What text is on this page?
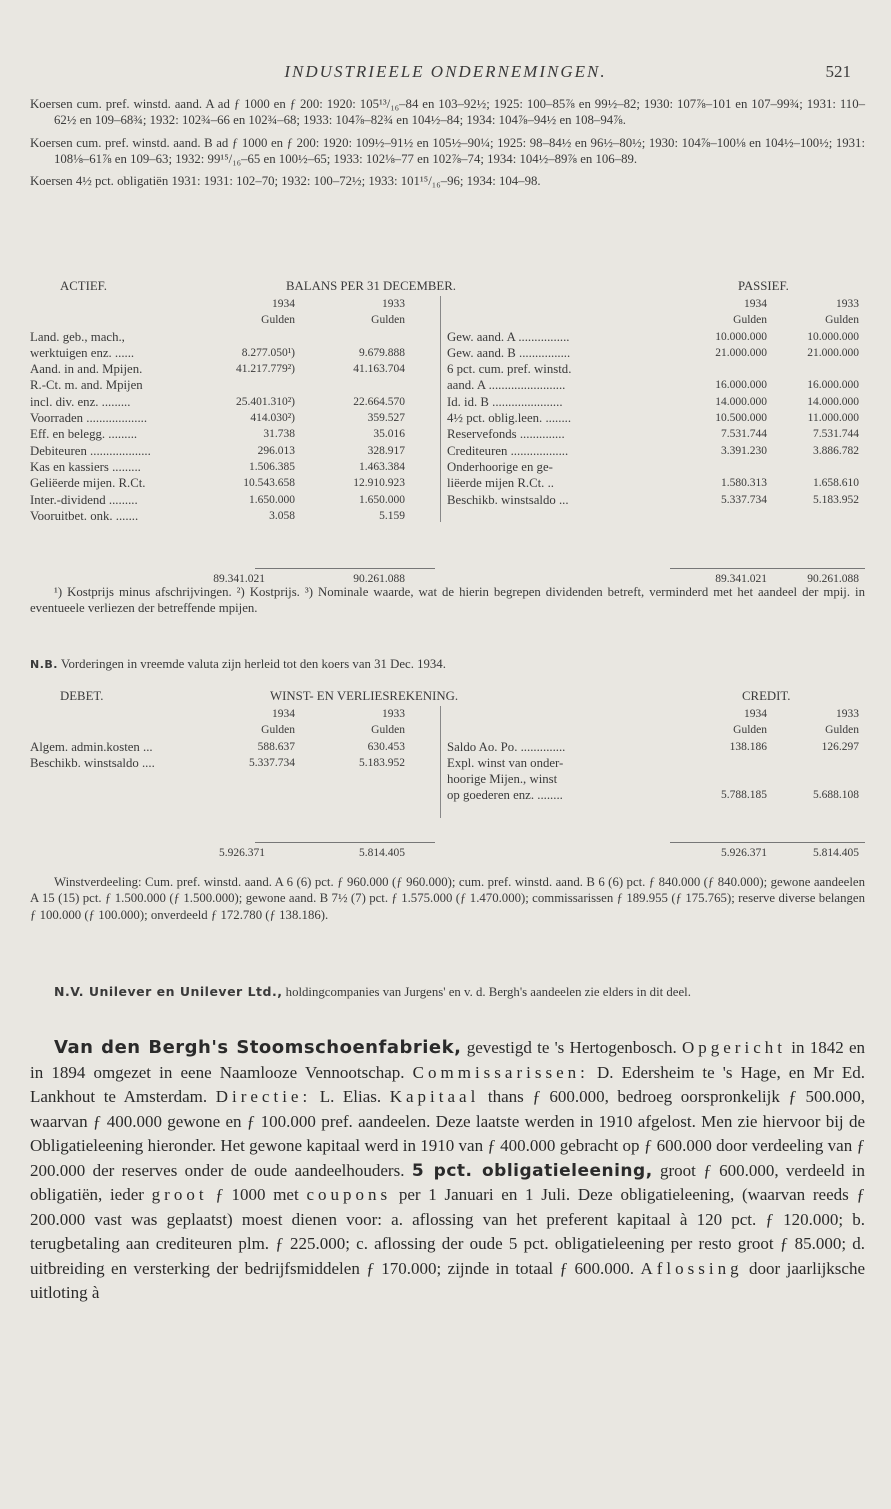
INDUSTRIEELE ONDERNEMINGEN.	521

Koersen cum. pref. winstd. aand. A ad ƒ 1000 en ƒ 200: 1920: 105¹³/₁₆–84 en 103–92½; 1925: 100–85⅞ en 99½–82; 1930: 107⅞–101 en 107–99¾; 1931: 110–62½ en 109–68¾; 1932: 102¾–66 en 102¾–68; 1933: 104⅞–82¾ en 104½–84; 1934: 104⅞–94½ en 108–94⅞.

Koersen cum. pref. winstd. aand. B ad ƒ 1000 en ƒ 200: 1920: 109½–91½ en 105½–90¼; 1925: 98–84½ en 96½–80½; 1930: 104⅞–100⅛ en 104½–100½; 1931: 108⅛–61⅞ en 109–63; 1932: 99¹⁵/₁₆–65 en 100½–65; 1933: 102⅛–77 en 102⅞–74; 1934: 104½–89⅞ en 106–89.

Koersen 4½ pct. obligatiën 1931: 1931: 102–70; 1932: 100–72½; 1933: 101¹⁵/₁₆–96; 1934: 104–98.

ACTIEF.	BALANS PER 31 DECEMBER.	PASSIEF.
1934	1933
Gulden	Gulden
Land. geb., mach.,
werktuigen enz. ......	8.277.050¹)	9.679.888
Aand. in and. Mpijen.	41.217.779²)	41.163.704
R.-Ct. m. and. Mpijen
incl. div. enz. .........	25.401.310²)	22.664.570
Voorraden ...................	414.030²)	359.527
Eff. en belegg. .........	31.738	35.016
Debiteuren ...................	296.013	328.917
Kas en kassiers .........	1.506.385	1.463.384
Geliëerde mijen. R.Ct.	10.543.658	12.910.923
Inter.-dividend .........	1.650.000	1.650.000
Vooruitbet. onk. .......	3.058	5.159
1934	1933
Gulden	Gulden
Gew. aand. A ................	10.000.000	10.000.000
Gew. aand. B ................	21.000.000	21.000.000
6 pct. cum. pref. winstd.
aand. A ........................	16.000.000	16.000.000
Id. id. B ......................	14.000.000	14.000.000
4½ pct. oblig.leen. ........	10.500.000	11.000.000
Reservefonds ..............	7.531.744	7.531.744
Crediteuren ..................	3.391.230	3.886.782
Onderhoorige en ge-
liëerde mijen R.Ct. ..	1.580.313	1.658.610
Beschikb. winstsaldo ...	5.337.734	5.183.952
89.341.021	90.261.088	89.341.021	90.261.088

¹) Kostprijs minus afschrijvingen. ²) Kostprijs. ³) Nominale waarde, wat de hierin begrepen dividenden betreft, verminderd met het aandeel der mpij. in eventueele verliezen der betreffende mpijen.

N.B. Vorderingen in vreemde valuta zijn herleid tot den koers van 31 Dec. 1934.

DEBET.	WINST- EN VERLIESREKENING.	CREDIT.
1934	1933
Gulden	Gulden
Algem. admin.kosten ...	588.637	630.453
Beschikb. winstsaldo ....	5.337.734	5.183.952
1934	1933
Gulden	Gulden
Saldo Ao. Po. ..............	138.186	126.297
Expl. winst van onder-
hoorige Mijen., winst
op goederen enz. ........	5.788.185	5.688.108
5.926.371	5.814.405	5.926.371	5.814.405

Winstverdeeling: Cum. pref. winstd. aand. A 6 (6) pct. ƒ 960.000 (ƒ 960.000); cum. pref. winstd. aand. B 6 (6) pct. ƒ 840.000 (ƒ 840.000); gewone aandeelen A 15 (15) pct. ƒ 1.500.000 (ƒ 1.500.000); gewone aand. B 7½ (7) pct. ƒ 1.575.000 (ƒ 1.470.000); commissarissen ƒ 189.955 (ƒ 175.765); reserve diverse belangen ƒ 100.000 (ƒ 100.000); onverdeeld ƒ 172.780 (ƒ 138.186).

N.V. Unilever en Unilever Ltd., holdingcompanies van Jurgens' en v. d. Bergh's aandeelen zie elders in dit deel.

Van den Bergh's Stoomschoenfabriek, gevestigd te 's Hertogenbosch. Opgericht in 1842 en in 1894 omgezet in eene Naamlooze Vennootschap. Commissarissen: D. Edersheim te 's Hage, en Mr Ed. Lankhout te Amsterdam. Directie: L. Elias. Kapitaal thans ƒ 600.000, bedroeg oorspronkelijk ƒ 500.000, waarvan ƒ 400.000 gewone en ƒ 100.000 pref. aandeelen. Deze laatste werden in 1910 afgelost. Men zie hiervoor bij de Obligatieleening hieronder. Het gewone kapitaal werd in 1910 van ƒ 400.000 gebracht op ƒ 600.000 door verdeeling van ƒ 200.000 der reserves onder de oude aandeelhouders. 5 pct. obligatieleening, groot ƒ 600.000, verdeeld in obligatiën, ieder groot ƒ 1000 met coupons per 1 Januari en 1 Juli. Deze obligatieleening, (waarvan reeds ƒ 200.000 vast was geplaatst) moest dienen voor: a. aflossing van het preferent kapitaal à 120 pct. ƒ 120.000; b. terugbetaling aan crediteuren plm. ƒ 225.000; c. aflossing der oude 5 pct. obligatieleening per resto groot ƒ 85.000; d. uitbreiding en versterking der bedrijfsmiddelen ƒ 170.000; zijnde in totaal ƒ 600.000. Aflossing door jaarlijksche uitloting à
